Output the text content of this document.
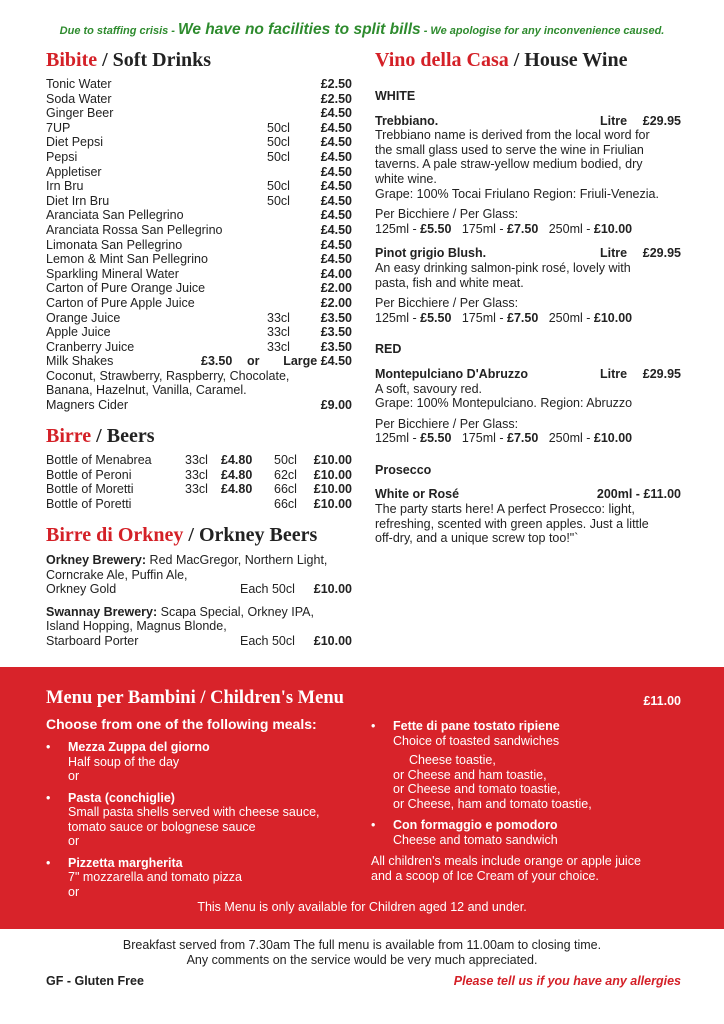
Due to staffing crisis - We have no facilities to split bills - We apologise for any inconvenience caused.
Bibite / Soft Drinks
Tonic Water	£2.50
Soda Water	£2.50
Ginger Beer	£4.50
7UP	50cl £4.50
Diet Pepsi	50cl £4.50
Pepsi	50cl £4.50
Appletiser	£4.50
Irn Bru	50cl £4.50
Diet Irn Bru	50cl £4.50
Aranciata San Pellegrino	£4.50
Aranciata Rossa San Pellegrino	£4.50
Limonata San Pellegrino	£4.50
Lemon & Mint San Pellegrino	£4.50
Sparkling Mineral Water	£4.00
Carton of Pure Orange Juice	£2.00
Carton of Pure Apple Juice	£2.00
Orange Juice	33cl £3.50
Apple Juice	33cl £3.50
Cranberry Juice	33cl £3.50
Milk Shakes	£3.50 or Large £4.50
Coconut, Strawberry, Raspberry, Chocolate,
Banana, Hazelnut, Vanilla, Caramel.
Magners Cider	£9.00
Birre / Beers
Bottle of Menabrea	33cl £4.80 50cl £10.00
Bottle of Peroni	33cl £4.80 62cl £10.00
Bottle of Moretti	33cl £4.80 66cl £10.00
Bottle of Poretti	66cl £10.00
Birre di Orkney / Orkney Beers
Orkney Brewery: Red MacGregor, Northern Light,
Corncrake Ale, Puffin Ale,
Orkney Gold	Each 50cl £10.00
Swannay Brewery: Scapa Special, Orkney IPA,
Island Hopping, Magnus Blonde,
Starboard Porter	Each 50cl £10.00
Vino della Casa / House Wine
WHITE
Trebbiano.	Litre £29.95
Trebbiano name is derived from the local word for
the small glass used to serve the wine in Friulian
taverns. A pale straw-yellow medium bodied, dry
white wine.
Grape: 100% Tocai Friulano Region: Friuli-Venezia.
Per Bicchiere / Per Glass:
125ml - £5.50 175ml - £7.50 250ml - £10.00
Pinot grigio Blush.	Litre £29.95
An easy drinking salmon-pink rosé, lovely with
pasta, fish and white meat.
Per Bicchiere / Per Glass:
125ml - £5.50 175ml - £7.50 250ml - £10.00
RED
Montepulciano D'Abruzzo	Litre £29.95
A soft, savoury red.
Grape: 100% Montepulciano. Region: Abruzzo
Per Bicchiere / Per Glass:
125ml - £5.50 175ml - £7.50 250ml - £10.00
Prosecco
White or Rosé	200ml - £11.00
The party starts here! A perfect Prosecco: light,
refreshing, scented with green apples. Just a little
off-dry, and a unique screw top too!"`
Menu per Bambini / Children's Menu	£11.00
Choose from one of the following meals:
• Mezza Zuppa del giorno
Half soup of the day
or
• Pasta (conchiglie)
Small pasta shells served with cheese sauce,
tomato sauce or bolognese sauce
or
• Pizzetta margherita
7" mozzarella and tomato pizza
or
• Fette di pane tostato ripiene
Choice of toasted sandwiches
Cheese toastie,
or Cheese and ham toastie,
or Cheese and tomato toastie,
or Cheese, ham and tomato toastie,
• Con formaggio e pomodoro
Cheese and tomato sandwich
All children's meals include orange or apple juice
and a scoop of Ice Cream of your choice.
This Menu is only available for Children aged 12 and under.
Breakfast served from 7.30am The full menu is available from 11.00am to closing time.
Any comments on the service would be very much appreciated.
GF - Gluten Free	Please tell us if you have any allergies
